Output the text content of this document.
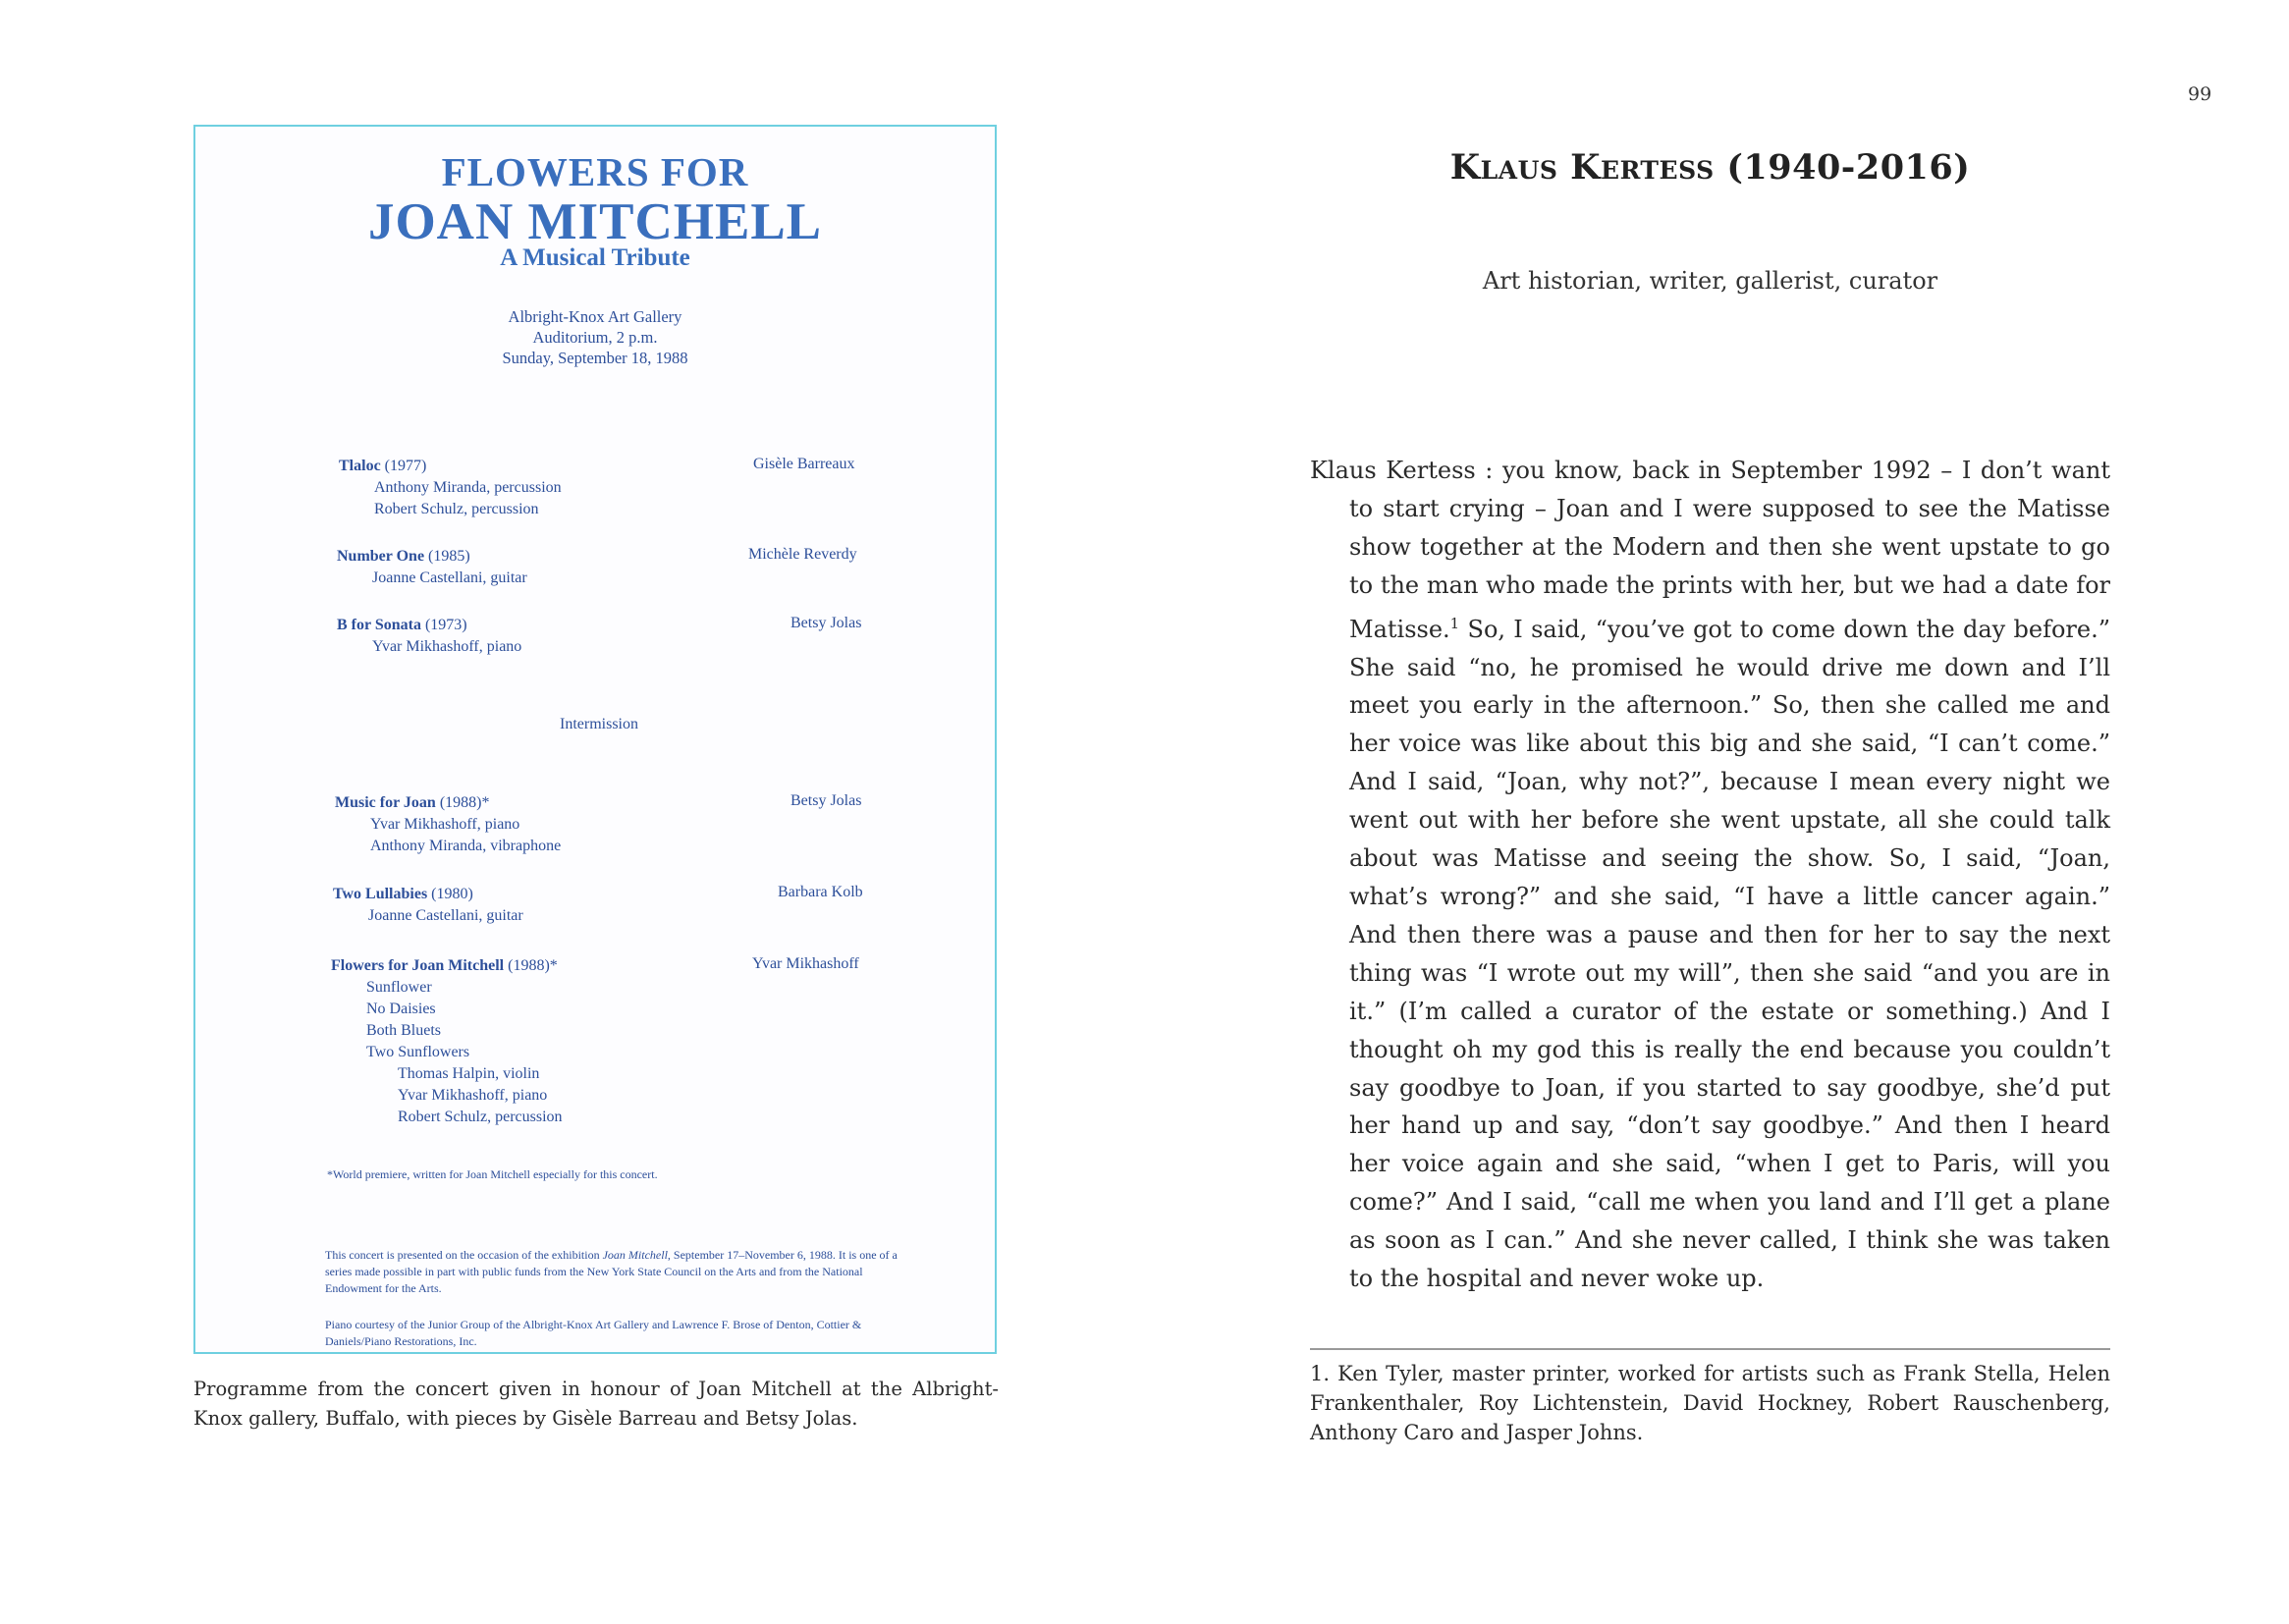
99
FLOWERS FOR
JOAN MITCHELL
A Musical Tribute
Albright-Knox Art Gallery
Auditorium, 2 p.m.
Sunday, September 18, 1988
Tlaloc (1977)
Anthony Miranda, percussion
Robert Schulz, percussion
Gisèle Barreaux
Number One (1985)
Joanne Castellani, guitar
Michèle Reverdy
B for Sonata (1973)
Yvar Mikhashoff, piano
Betsy Jolas
Intermission
Music for Joan (1988)*
Yvar Mikhashoff, piano
Anthony Miranda, vibraphone
Betsy Jolas
Two Lullabies (1980)
Joanne Castellani, guitar
Barbara Kolb
Flowers for Joan Mitchell (1988)*
Sunflower
No Daisies
Both Bluets
Two Sunflowers
Thomas Halpin, violin
Yvar Mikhashoff, piano
Robert Schulz, percussion
Yvar Mikhashoff
*World premiere, written for Joan Mitchell especially for this concert.
This concert is presented on the occasion of the exhibition Joan Mitchell, September 17–November 6, 1988. It is one of a series made possible in part with public funds from the New York State Council on the Arts and from the National Endowment for the Arts.
Piano courtesy of the Junior Group of the Albright-Knox Art Gallery and Lawrence F. Brose of Denton, Cottier & Daniels/Piano Restorations, Inc.
Programme from the concert given in honour of Joan Mitchell at the Albright-Knox gallery, Buffalo, with pieces by Gisèle Barreau and Betsy Jolas.
Klaus Kertess (1940-2016)
Art historian, writer, gallerist, curator
Klaus Kertess : you know, back in September 1992 – I don’t want to start crying – Joan and I were supposed to see the Matisse show together at the Modern and then she went upstate to go to the man who made the prints with her, but we had a date for Matisse.$^1$ So, I said, “you’ve got to come down the day before.” She said “no, he promised he would drive me down and I’ll meet you early in the afternoon.” So, then she called me and her voice was like about this big and she said, “I can’t come.” And I said, “Joan, why not?”, because I mean every night we went out with her before she went upstate, all she could talk about was Matisse and seeing the show. So, I said, “Joan, what’s wrong?” and she said, “I have a little cancer again.” And then there was a pause and then for her to say the next thing was “I wrote out my will”, then she said “and you are in it.” (I’m called a curator of the estate or something.) And I thought oh my god this is really the end because you couldn’t say goodbye to Joan, if you started to say goodbye, she’d put her hand up and say, “don’t say goodbye.” And then I heard her voice again and she said, “when I get to Paris, will you come?” And I said, “call me when you land and I’ll get a plane as soon as I can.” And she never called, I think she was taken to the hospital and never woke up.
1. Ken Tyler, master printer, worked for artists such as Frank Stella, Helen Frankenthaler, Roy Lichtenstein, David Hockney, Robert Rauschenberg, Anthony Caro and Jasper Johns.
